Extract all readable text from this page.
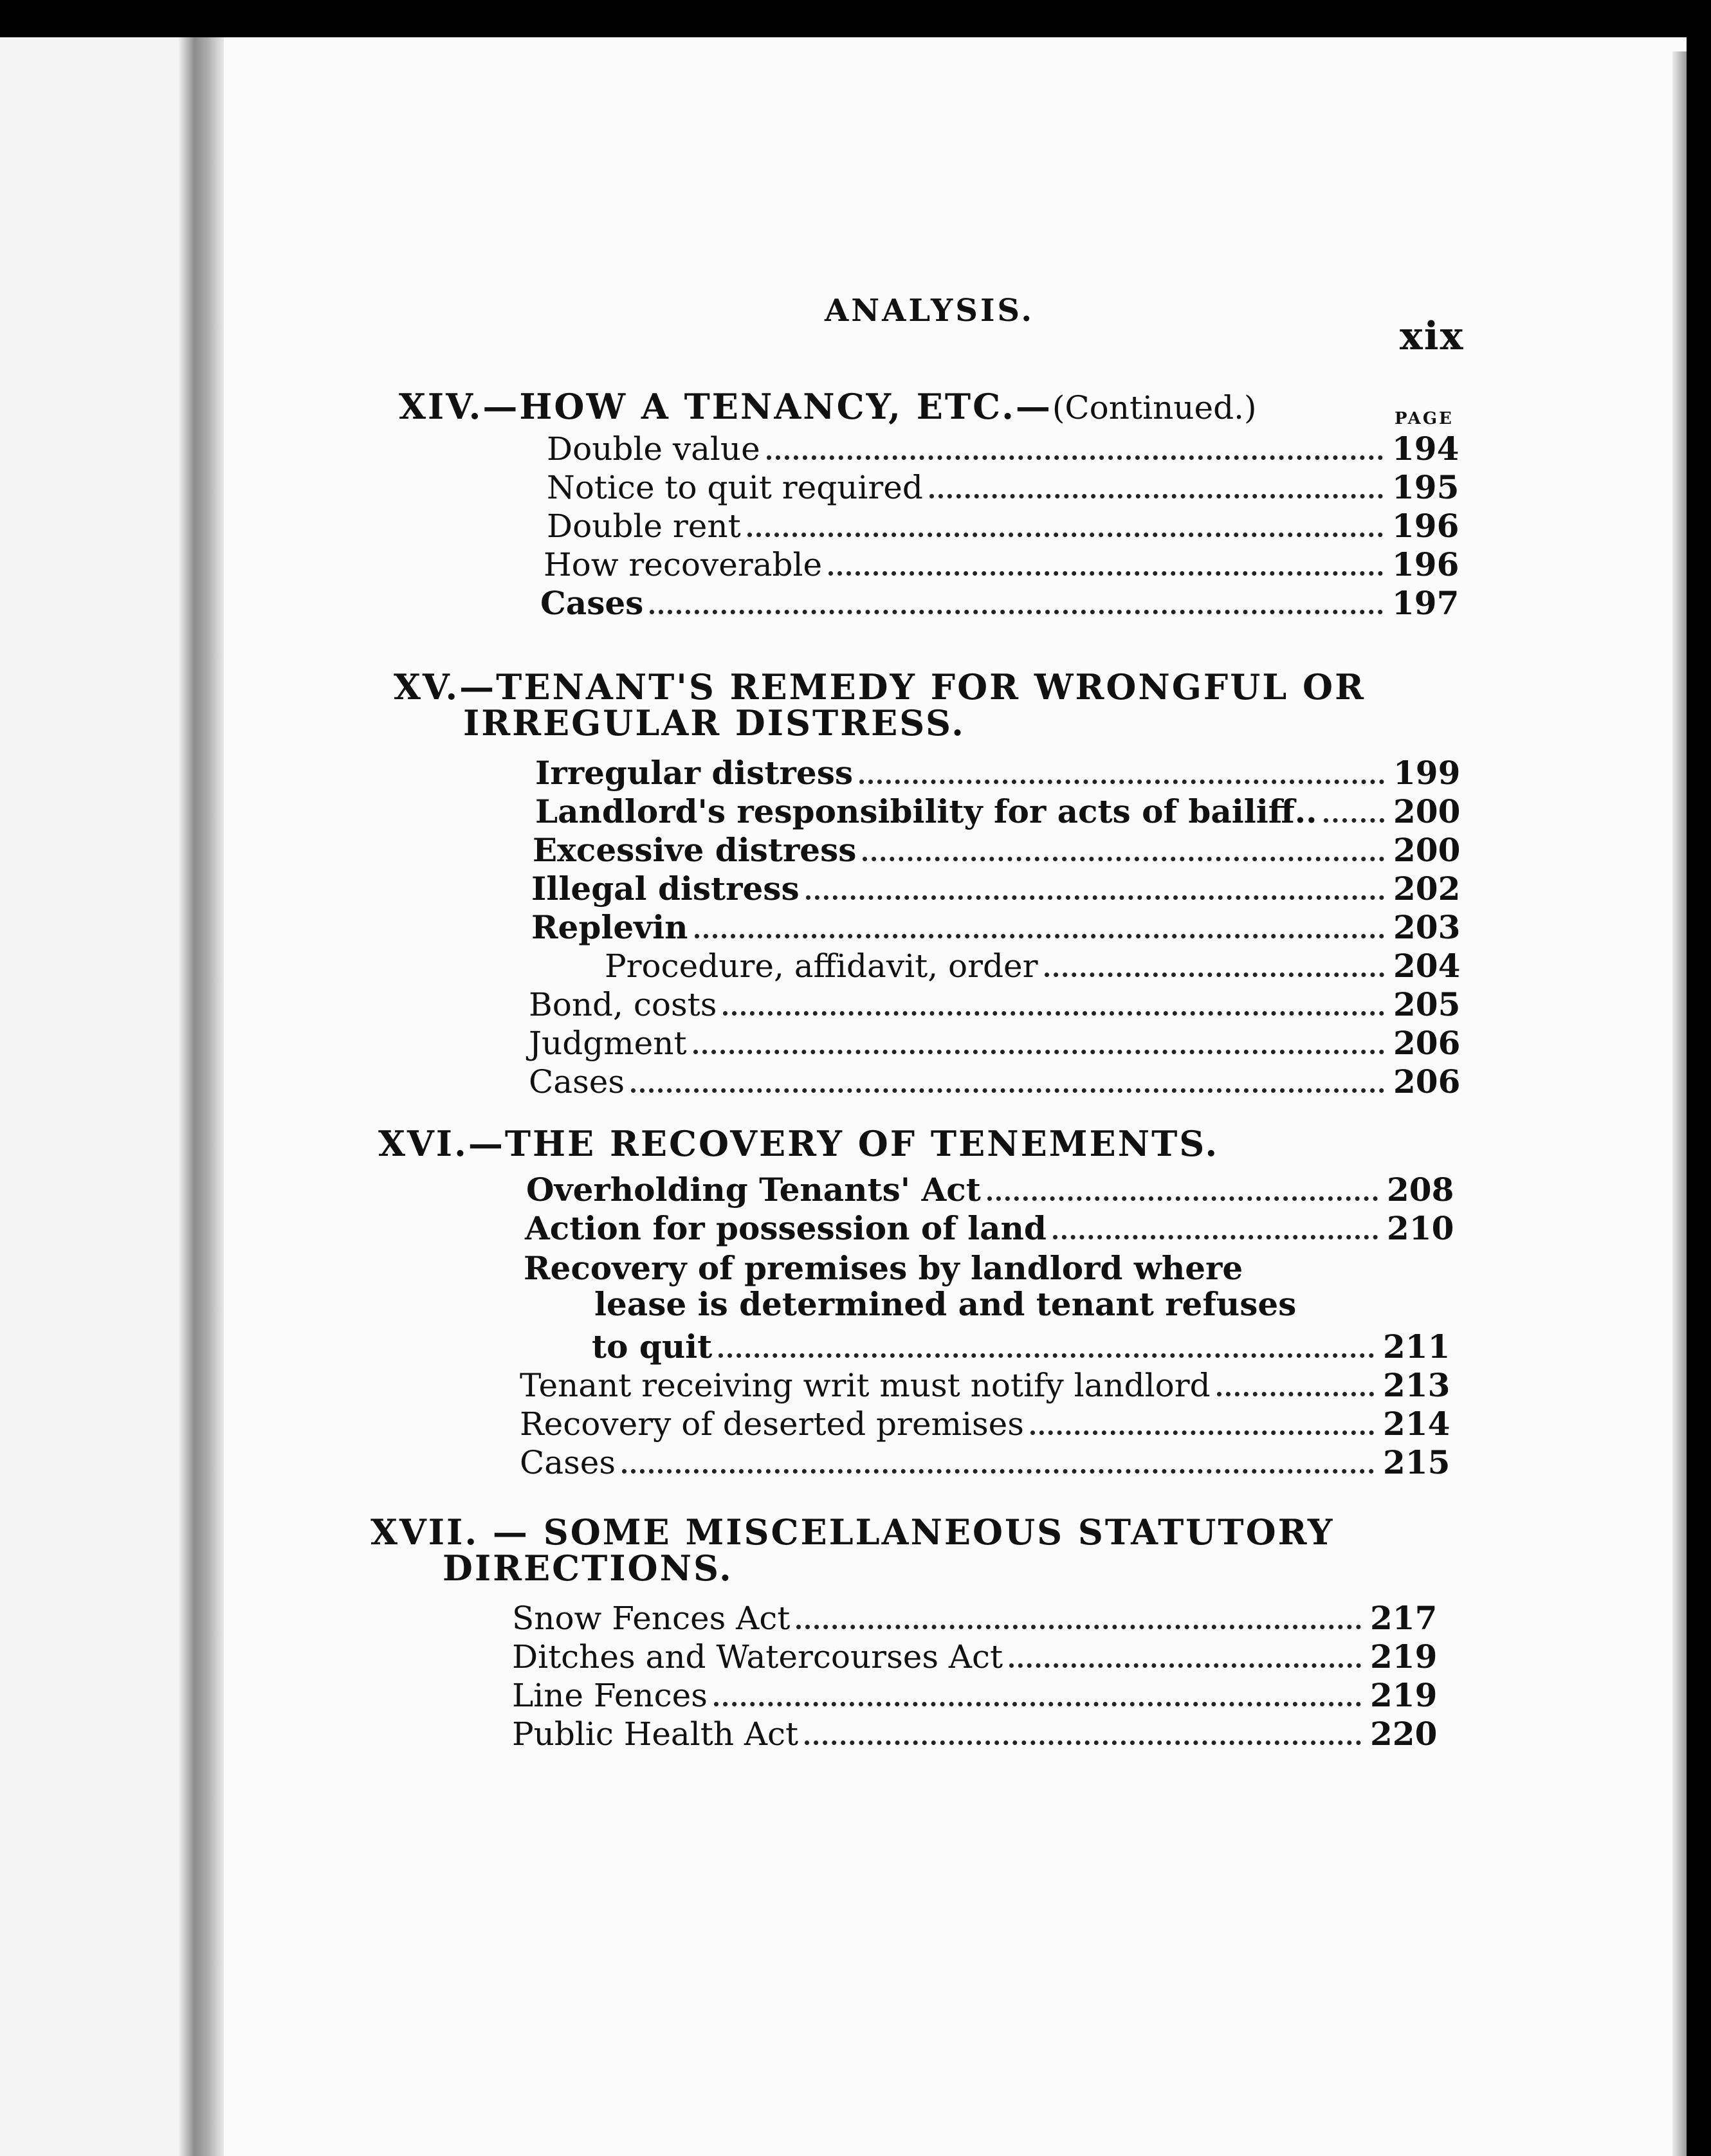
ANALYSIS.
xix
PAGE
XIV.—HOW A TENANCY, ETC.—(Continued.)
Double value	194
Notice to quit required	195
Double rent	196
How recoverable	196
Cases	197
XV.—TENANT'S REMEDY FOR WRONGFUL OR
IRREGULAR DISTRESS.
Irregular distress	199
Landlord's responsibility for acts of bailiff.. 200
Excessive distress	200
Illegal distress	202
Replevin	203
Procedure, affidavit, order	204
Bond, costs	205
Judgment	206
Cases	206
XVI.—THE RECOVERY OF TENEMENTS.
Overholding Tenants' Act	208
Action for possession of land	210
Recovery of premises by landlord where
lease is determined and tenant refuses
to quit	211
Tenant receiving writ must notify landlord	213
Recovery of deserted premises	214
Cases	215
XVII. — SOME MISCELLANEOUS STATUTORY
DIRECTIONS.
Snow Fences Act	217
Ditches and Watercourses Act	219
Line Fences	219
Public Health Act	220
